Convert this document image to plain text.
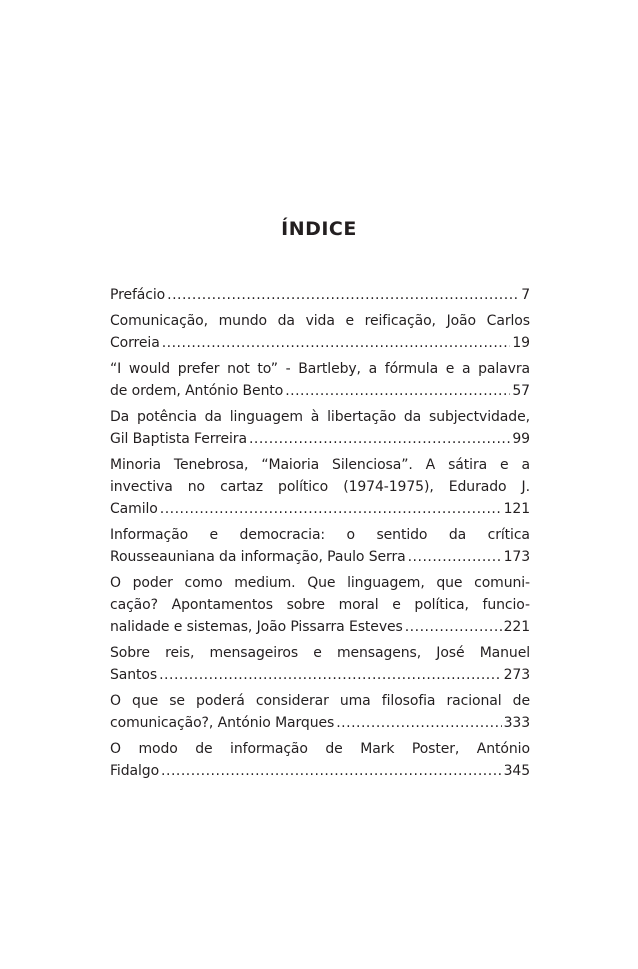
ÍNDICE
Prefácio .....	7
Comunicação, mundo da vida e reificação, João Carlos
Correia .....	19
“I would prefer not to” - Bartleby, a fórmula e a palavra
de ordem, António Bento .....	57
Da potência da linguagem à libertação da subjectvidade,
Gil Baptista Ferreira .....	99
Minoria Tenebrosa, “Maioria Silenciosa”. A sátira e a
invectiva no cartaz político (1974-1975), Edurado J.
Camilo .....	121
Informação e democracia: o sentido da crítica
Rousseauniana da informação, Paulo Serra .....	173
O poder como medium. Que linguagem, que comuni-
cação? Apontamentos sobre moral e política, funcio-
nalidade e sistemas, João Pissarra Esteves .....	221
Sobre reis, mensageiros e mensagens, José Manuel
Santos .....	273
O que se poderá considerar uma filosofia racional de
comunicação?, António Marques .....	333
O modo de informação de Mark Poster, António
Fidalgo .....	345
